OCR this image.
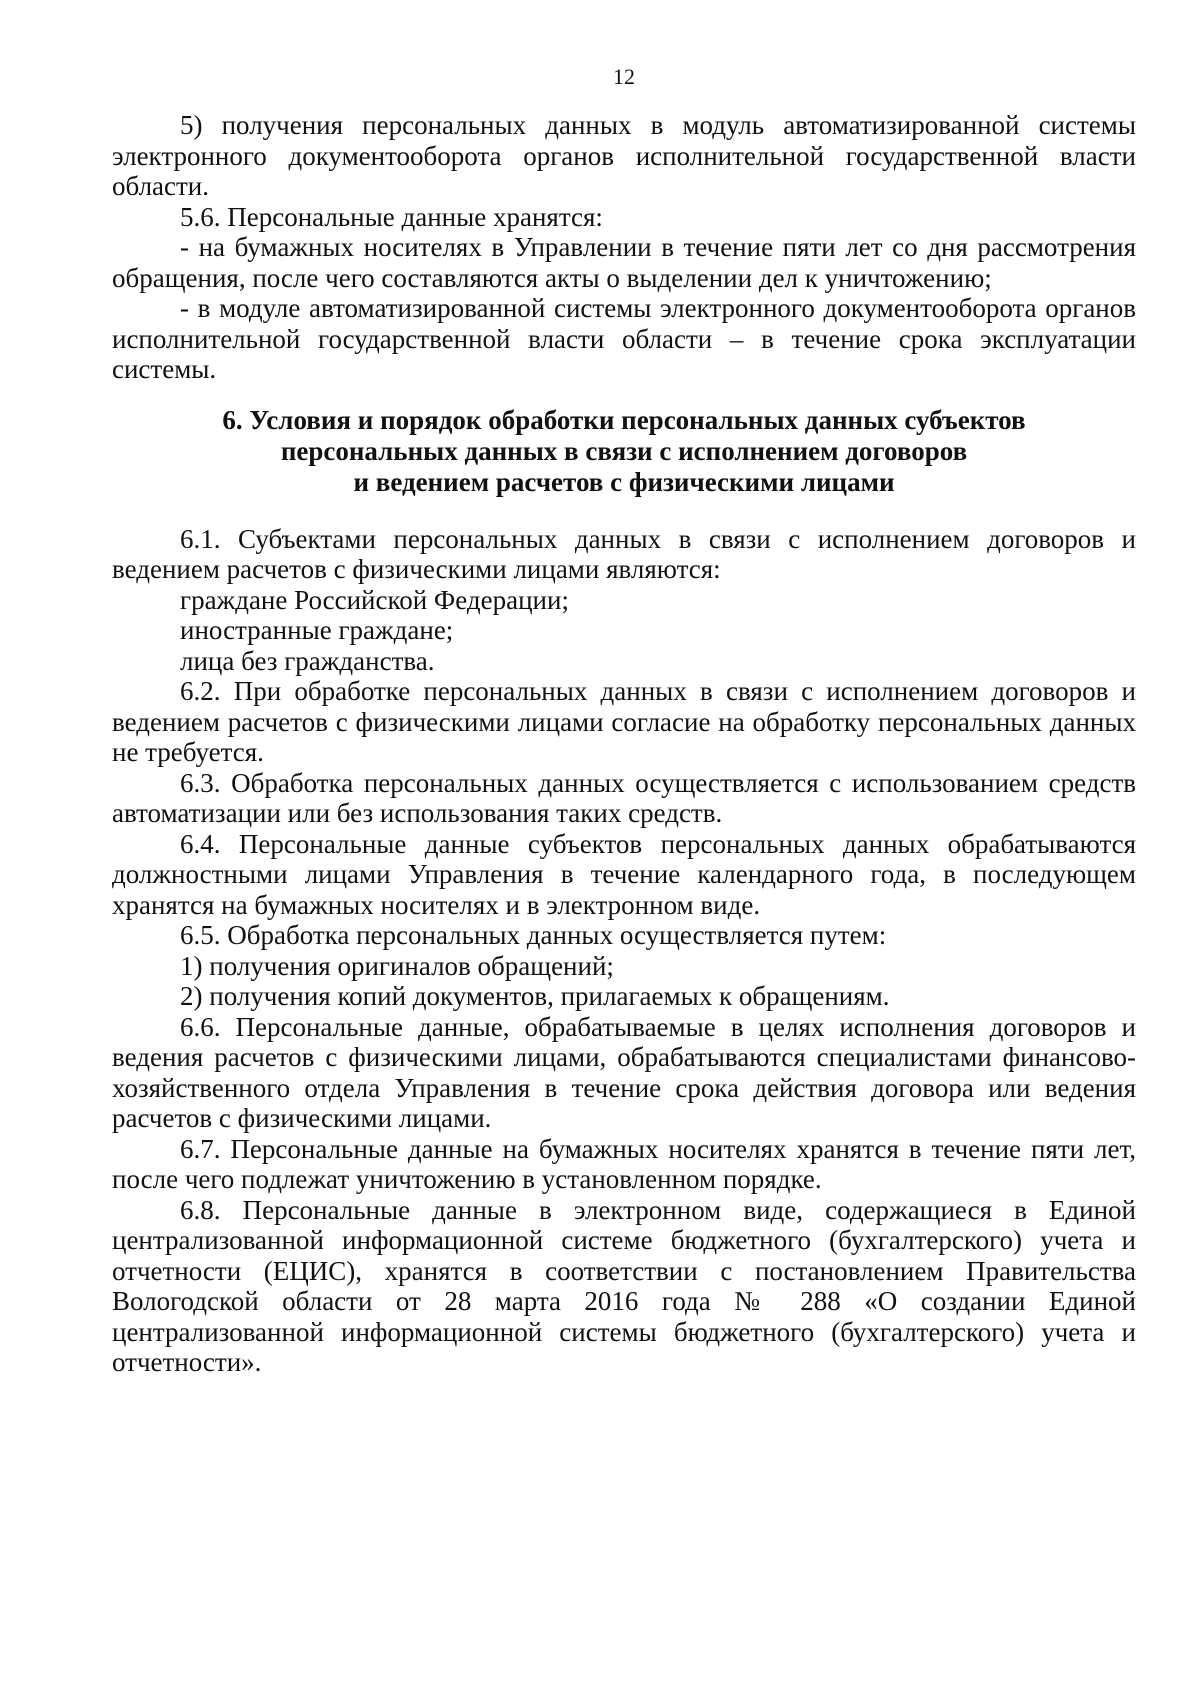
12

5) получения персональных данных в модуль автоматизированной системы электронного документооборота органов исполнительной государственной власти области.

5.6. Персональные данные хранятся:

- на бумажных носителях в Управлении в течение пяти лет со дня рассмотрения обращения, после чего составляются акты о выделении дел к уничтожению;

- в модуле автоматизированной системы электронного документооборота органов исполнительной государственной власти области – в течение срока эксплуатации системы.

6. Условия и порядок обработки персональных данных субъектов
персональных данных в связи с исполнением договоров
и ведением расчетов с физическими лицами

6.1. Субъектами персональных данных в связи с исполнением договоров и ведением расчетов с физическими лицами являются:

граждане Российской Федерации;

иностранные граждане;

лица без гражданства.

6.2. При обработке персональных данных в связи с исполнением договоров и ведением расчетов с физическими лицами согласие на обработку персональных данных не требуется.

6.3. Обработка персональных данных осуществляется с использованием средств автоматизации или без использования таких средств.

6.4. Персональные данные субъектов персональных данных обрабатываются должностными лицами Управления в течение календарного года, в последующем хранятся на бумажных носителях и в электронном виде.

6.5. Обработка персональных данных осуществляется путем:

1) получения оригиналов обращений;

2) получения копий документов, прилагаемых к обращениям.

6.6. Персональные данные, обрабатываемые в целях исполнения договоров и ведения расчетов с физическими лицами, обрабатываются специалистами финансово-хозяйственного отдела Управления в течение срока действия договора или ведения расчетов с физическими лицами.

6.7. Персональные данные на бумажных носителях хранятся в течение пяти лет, после чего подлежат уничтожению в установленном порядке.

6.8. Персональные данные в электронном виде, содержащиеся в Единой централизованной информационной системе бюджетного (бухгалтерского) учета и отчетности (ЕЦИС), хранятся в соответствии с постановлением Правительства Вологодской области от 28 марта 2016 года № 288 «О создании Единой централизованной информационной системы бюджетного (бухгалтерского) учета и отчетности».
